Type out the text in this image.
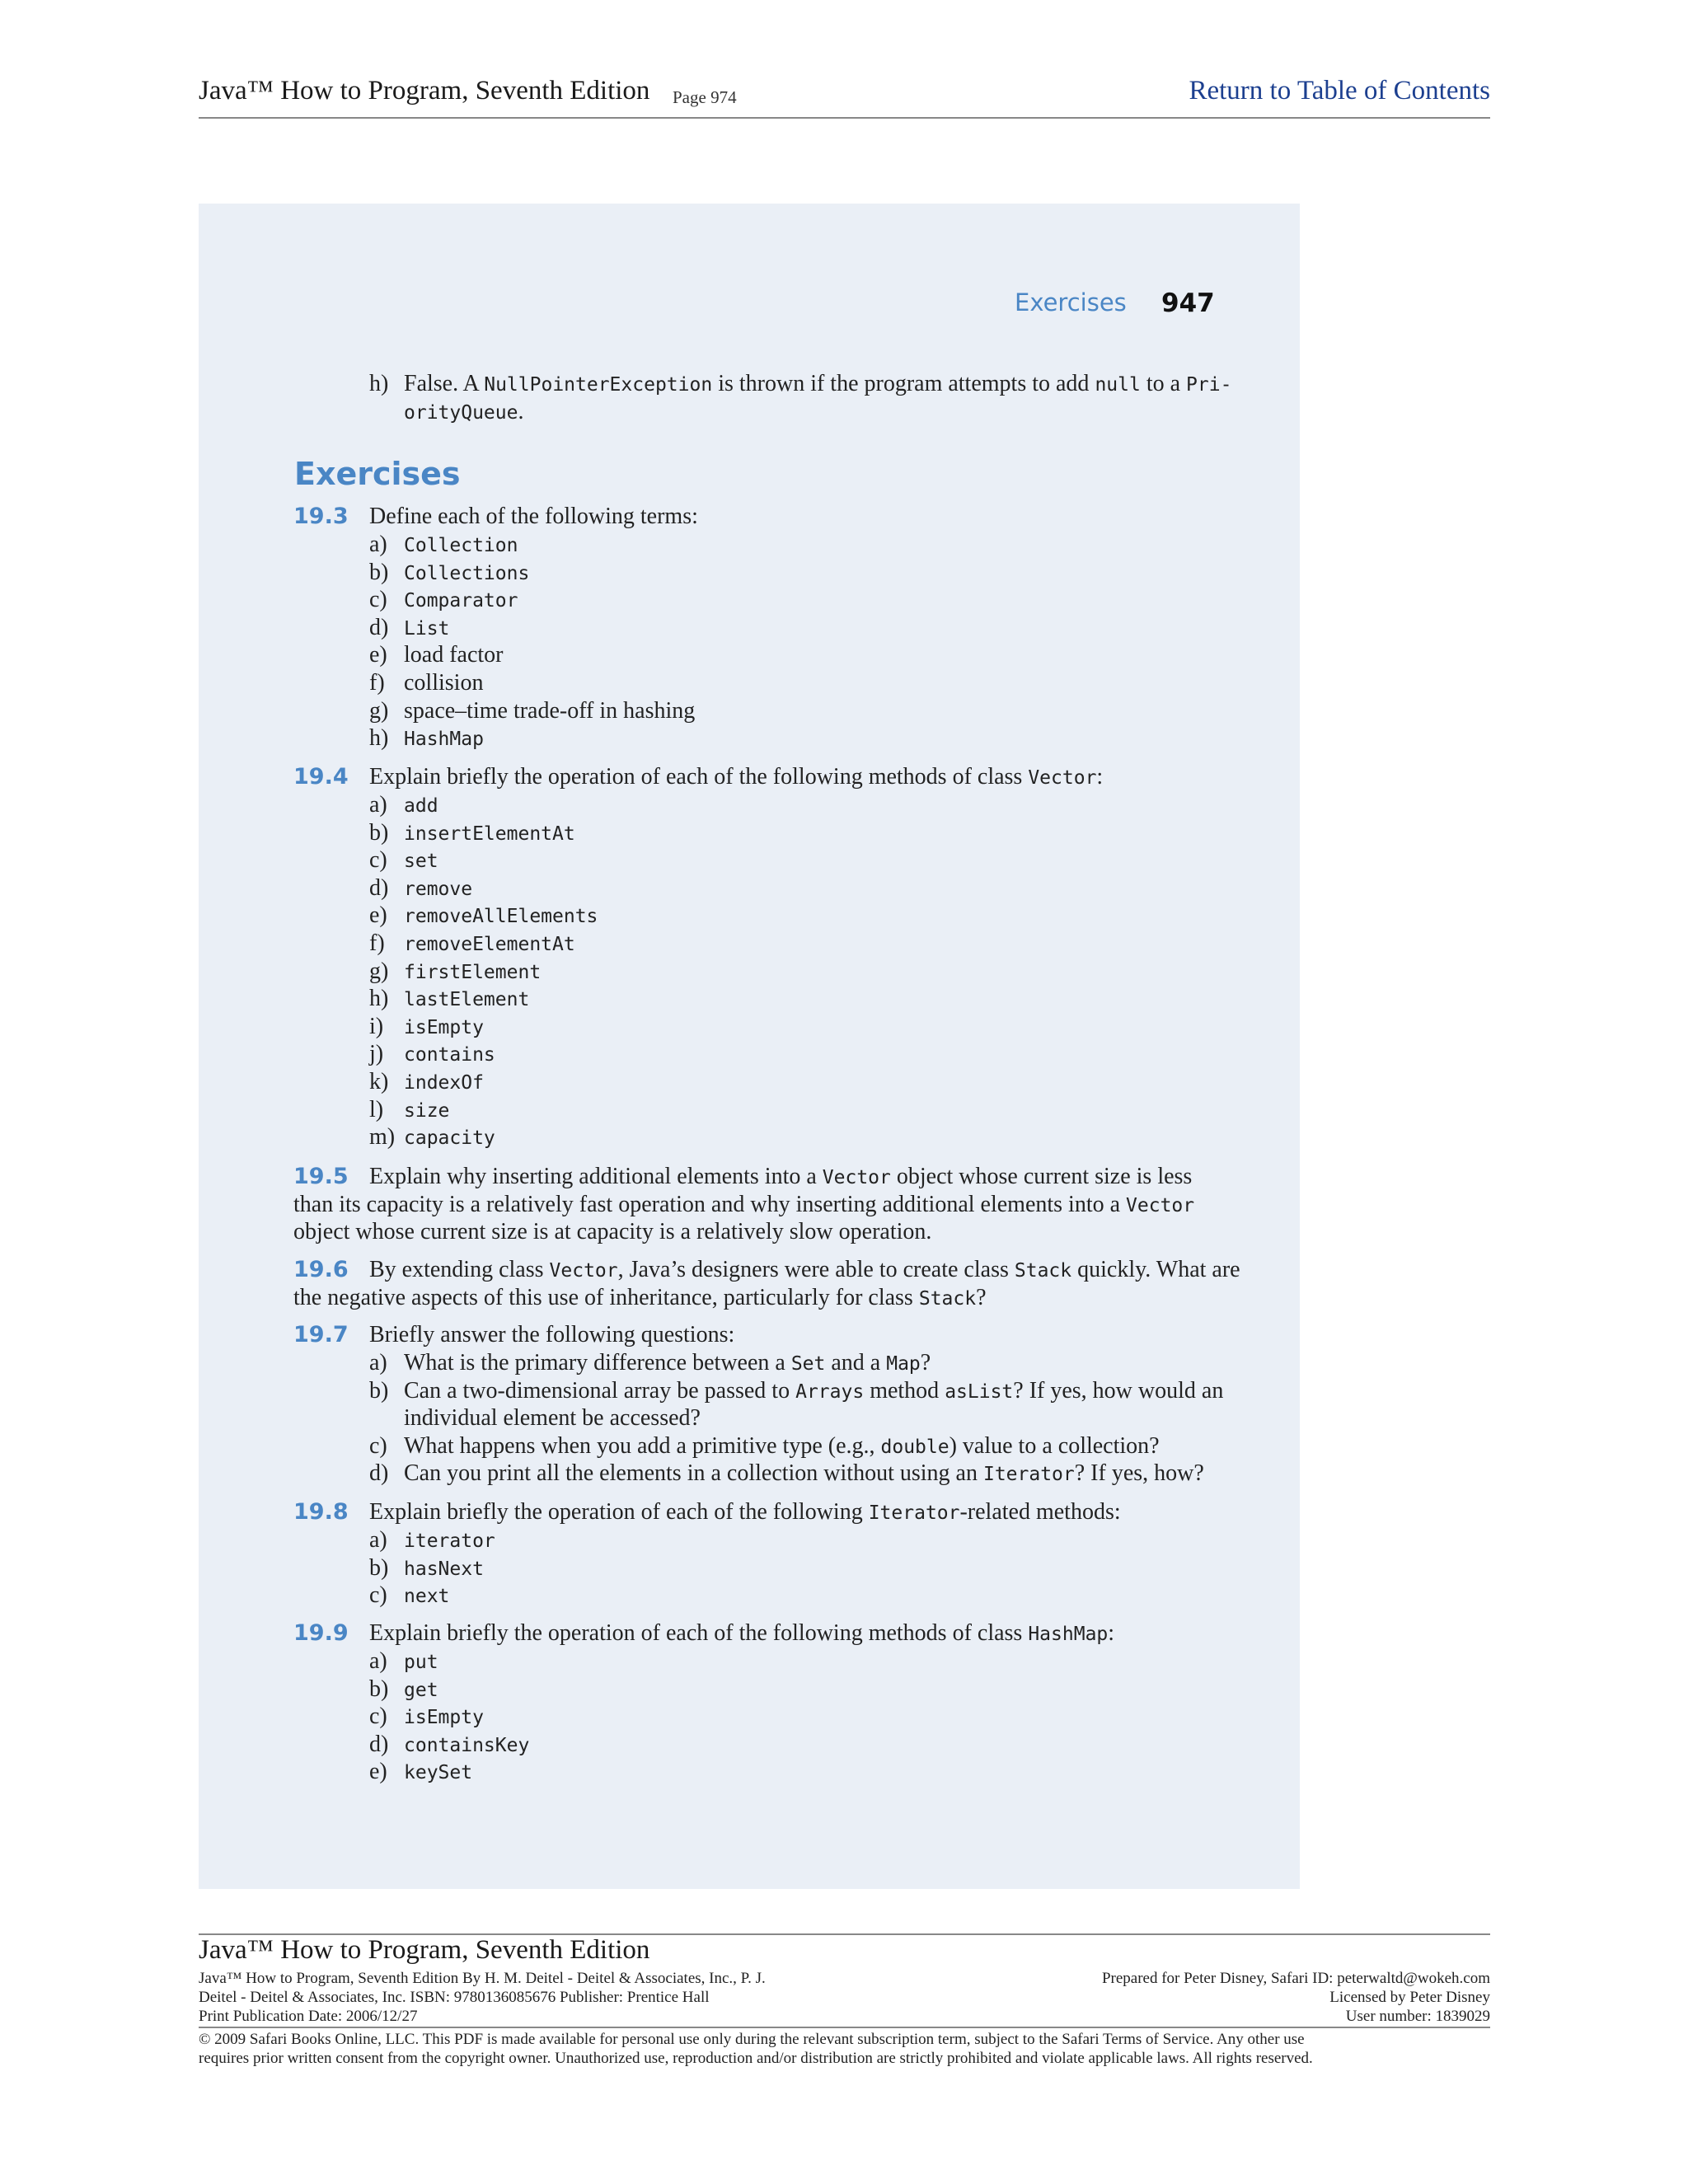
Java™ How to Program, Seventh Edition Page 974	Return to Table of Contents
Exercises 947
h) False. A NullPointerException is thrown if the program attempts to add null to a Pri-
orityQueue.
Exercises
19.3 Define each of the following terms:
a) Collection
b) Collections
c) Comparator
d) List
e) load factor
f) collision
g) space–time trade-off in hashing
h) HashMap
19.4 Explain briefly the operation of each of the following methods of class Vector:
a) add
b) insertElementAt
c) set
d) remove
e) removeAllElements
f) removeElementAt
g) firstElement
h) lastElement
i) isEmpty
j) contains
k) indexOf
l) size
m) capacity
19.5 Explain why inserting additional elements into a Vector object whose current size is less
than its capacity is a relatively fast operation and why inserting additional elements into a Vector
object whose current size is at capacity is a relatively slow operation.
19.6 By extending class Vector, Java’s designers were able to create class Stack quickly. What are
the negative aspects of this use of inheritance, particularly for class Stack?
19.7 Briefly answer the following questions:
a) What is the primary difference between a Set and a Map?
b) Can a two-dimensional array be passed to Arrays method asList? If yes, how would an
individual element be accessed?
c) What happens when you add a primitive type (e.g., double) value to a collection?
d) Can you print all the elements in a collection without using an Iterator? If yes, how?
19.8 Explain briefly the operation of each of the following Iterator-related methods:
a) iterator
b) hasNext
c) next
19.9 Explain briefly the operation of each of the following methods of class HashMap:
a) put
b) get
c) isEmpty
d) containsKey
e) keySet
Java™ How to Program, Seventh Edition
Java™ How to Program, Seventh Edition By H. M. Deitel - Deitel & Associates, Inc., P. J.
Deitel - Deitel & Associates, Inc. ISBN: 9780136085676 Publisher: Prentice Hall
Print Publication Date: 2006/12/27
Prepared for Peter Disney, Safari ID: peterwaltd@wokeh.com
Licensed by Peter Disney
User number: 1839029
© 2009 Safari Books Online, LLC. This PDF is made available for personal use only during the relevant subscription term, subject to the Safari Terms of Service. Any other use
requires prior written consent from the copyright owner. Unauthorized use, reproduction and/or distribution are strictly prohibited and violate applicable laws. All rights reserved.
